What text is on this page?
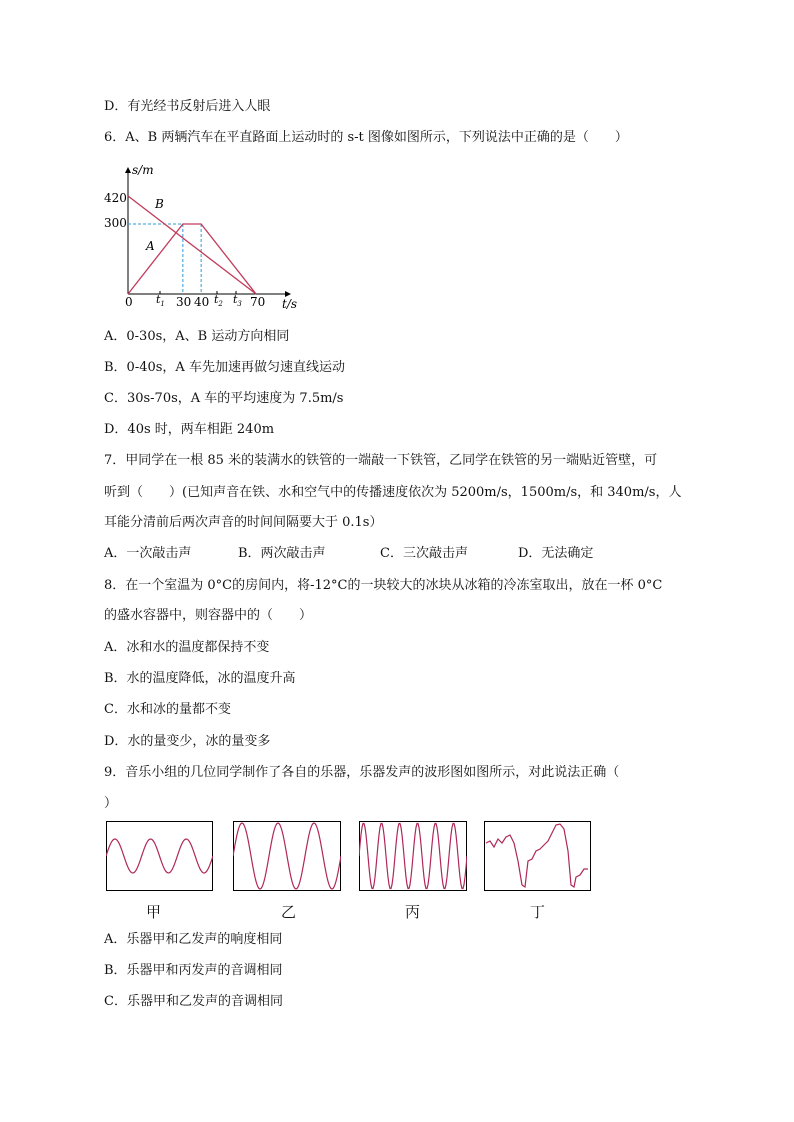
D．有光经书反射后进入人眼
6．A、B 两辆汽车在平直路面上运动时的 s-t 图像如图所示，下列说法中正确的是（　　）
s/m
t/s
420
300
0	30 40	70
$t_1$	$t_2$ $t_3$
B
A
A．0-30s，A、B 运动方向相同
B．0-40s，A 车先加速再做匀速直线运动
C．30s-70s，A 车的平均速度为 7.5m/s
D．40s 时，两车相距 240m
7．甲同学在一根 85 米的装满水的铁管的一端敲一下铁管，乙同学在铁管的另一端贴近管壁，可
听到（　　）(已知声音在铁、水和空气中的传播速度依次为 5200m/s，1500m/s，和 340m/s，人
耳能分清前后两次声音的时间间隔要大于 0.1s）
A．一次敲击声	B．两次敲击声	C．三次敲击声	D．无法确定
8．在一个室温为 0°C的房间内，将-12°C的一块较大的冰块从冰箱的冷冻室取出，放在一杯 0°C
的盛水容器中，则容器中的（　　）
A．冰和水的温度都保持不变
B．水的温度降低，冰的温度升高
C．水和冰的量都不变
D．水的量变少，冰的量变多
9．音乐小组的几位同学制作了各自的乐器，乐器发声的波形图如图所示，对此说法正确（
）
甲	乙	丙	丁
A．乐器甲和乙发声的响度相同
B．乐器甲和丙发声的音调相同
C．乐器甲和乙发声的音调相同
